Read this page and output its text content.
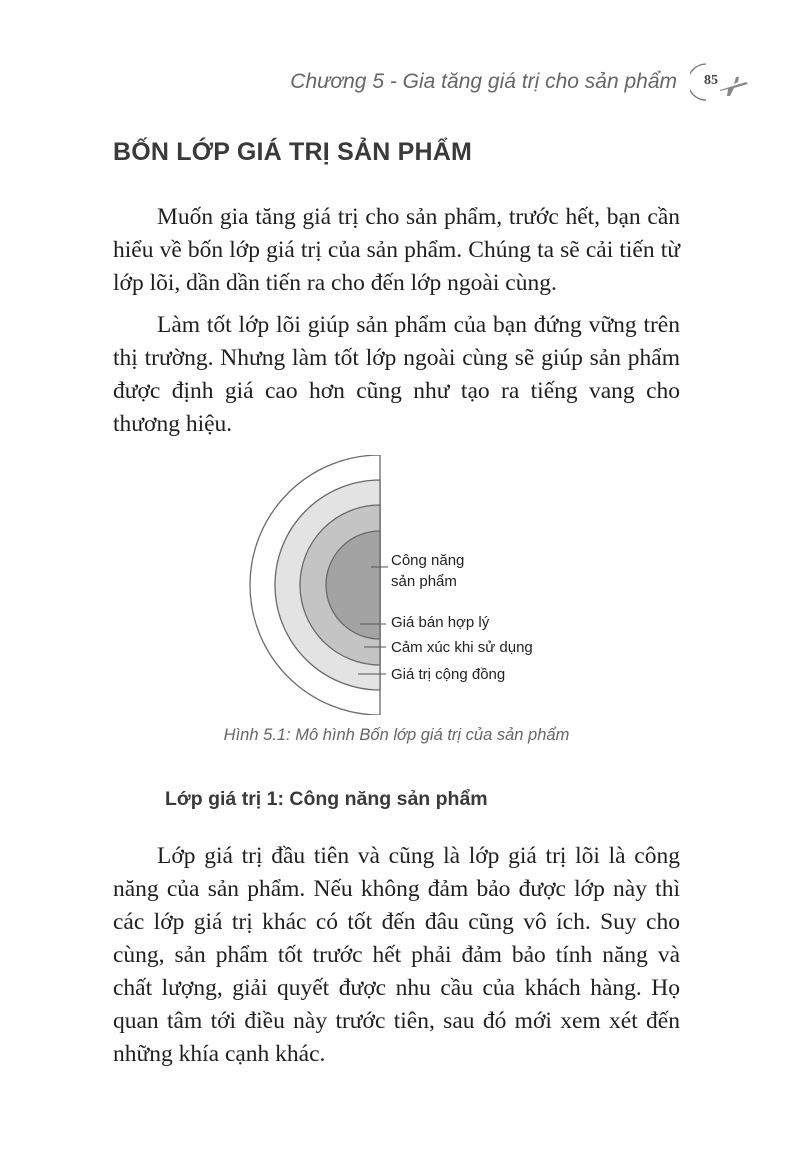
Chương 5 - Gia tăng giá trị cho sản phẩm 85
BỐN LỚP GIÁ TRỊ SẢN PHẨM

Muốn gia tăng giá trị cho sản phẩm, trước hết, bạn cần hiểu về bốn lớp giá trị của sản phẩm. Chúng ta sẽ cải tiến từ lớp lõi, dần dần tiến ra cho đến lớp ngoài cùng.

Làm tốt lớp lõi giúp sản phẩm của bạn đứng vững trên thị trường. Nhưng làm tốt lớp ngoài cùng sẽ giúp sản phẩm được định giá cao hơn cũng như tạo ra tiếng vang cho thương hiệu.

Công năng
sản phẩm
Giá bán hợp lý
Cảm xúc khi sử dụng
Giá trị cộng đồng
Hình 5.1: Mô hình Bốn lớp giá trị của sản phẩm
Lớp giá trị 1: Công năng sản phẩm

Lớp giá trị đầu tiên và cũng là lớp giá trị lõi là công năng của sản phẩm. Nếu không đảm bảo được lớp này thì các lớp giá trị khác có tốt đến đâu cũng vô ích. Suy cho cùng, sản phẩm tốt trước hết phải đảm bảo tính năng và chất lượng, giải quyết được nhu cầu của khách hàng. Họ quan tâm tới điều này trước tiên, sau đó mới xem xét đến những khía cạnh khác.
